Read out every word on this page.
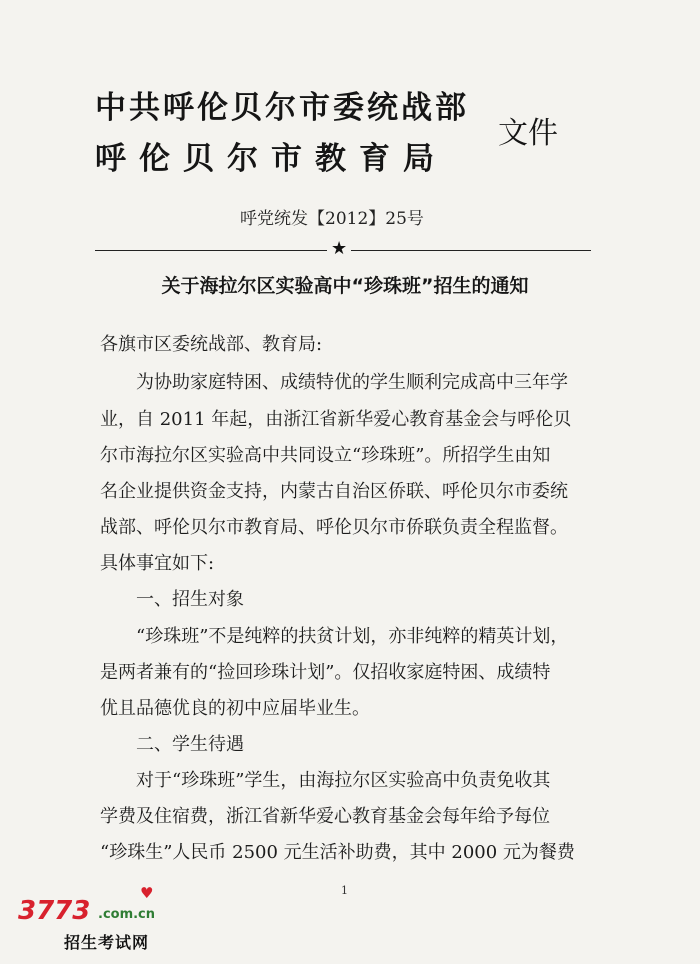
中共呼伦贝尔市委统战部
呼伦贝尔市教育局
文件
呼党统发【2012】25号
★
关于海拉尔区实验高中“珍珠班”招生的通知
各旗市区委统战部、教育局:
为协助家庭特困、成绩特优的学生顺利完成高中三年学
业，自 2011 年起，由浙江省新华爱心教育基金会与呼伦贝
尔市海拉尔区实验高中共同设立“珍珠班”。所招学生由知
名企业提供资金支持，内蒙古自治区侨联、呼伦贝尔市委统
战部、呼伦贝尔市教育局、呼伦贝尔市侨联负责全程监督。
具体事宜如下:
一、招生对象
“珍珠班”不是纯粹的扶贫计划，亦非纯粹的精英计划，
是两者兼有的“捡回珍珠计划”。仅招收家庭特困、成绩特
优且品德优良的初中应届毕业生。
二、学生待遇
对于“珍珠班”学生，由海拉尔区实验高中负责免收其
学费及住宿费，浙江省新华爱心教育基金会每年给予每位
“珍珠生”人民币 2500 元生活补助费，其中 2000 元为餐费
1
3773 .com.cn
♥
招生考试网
